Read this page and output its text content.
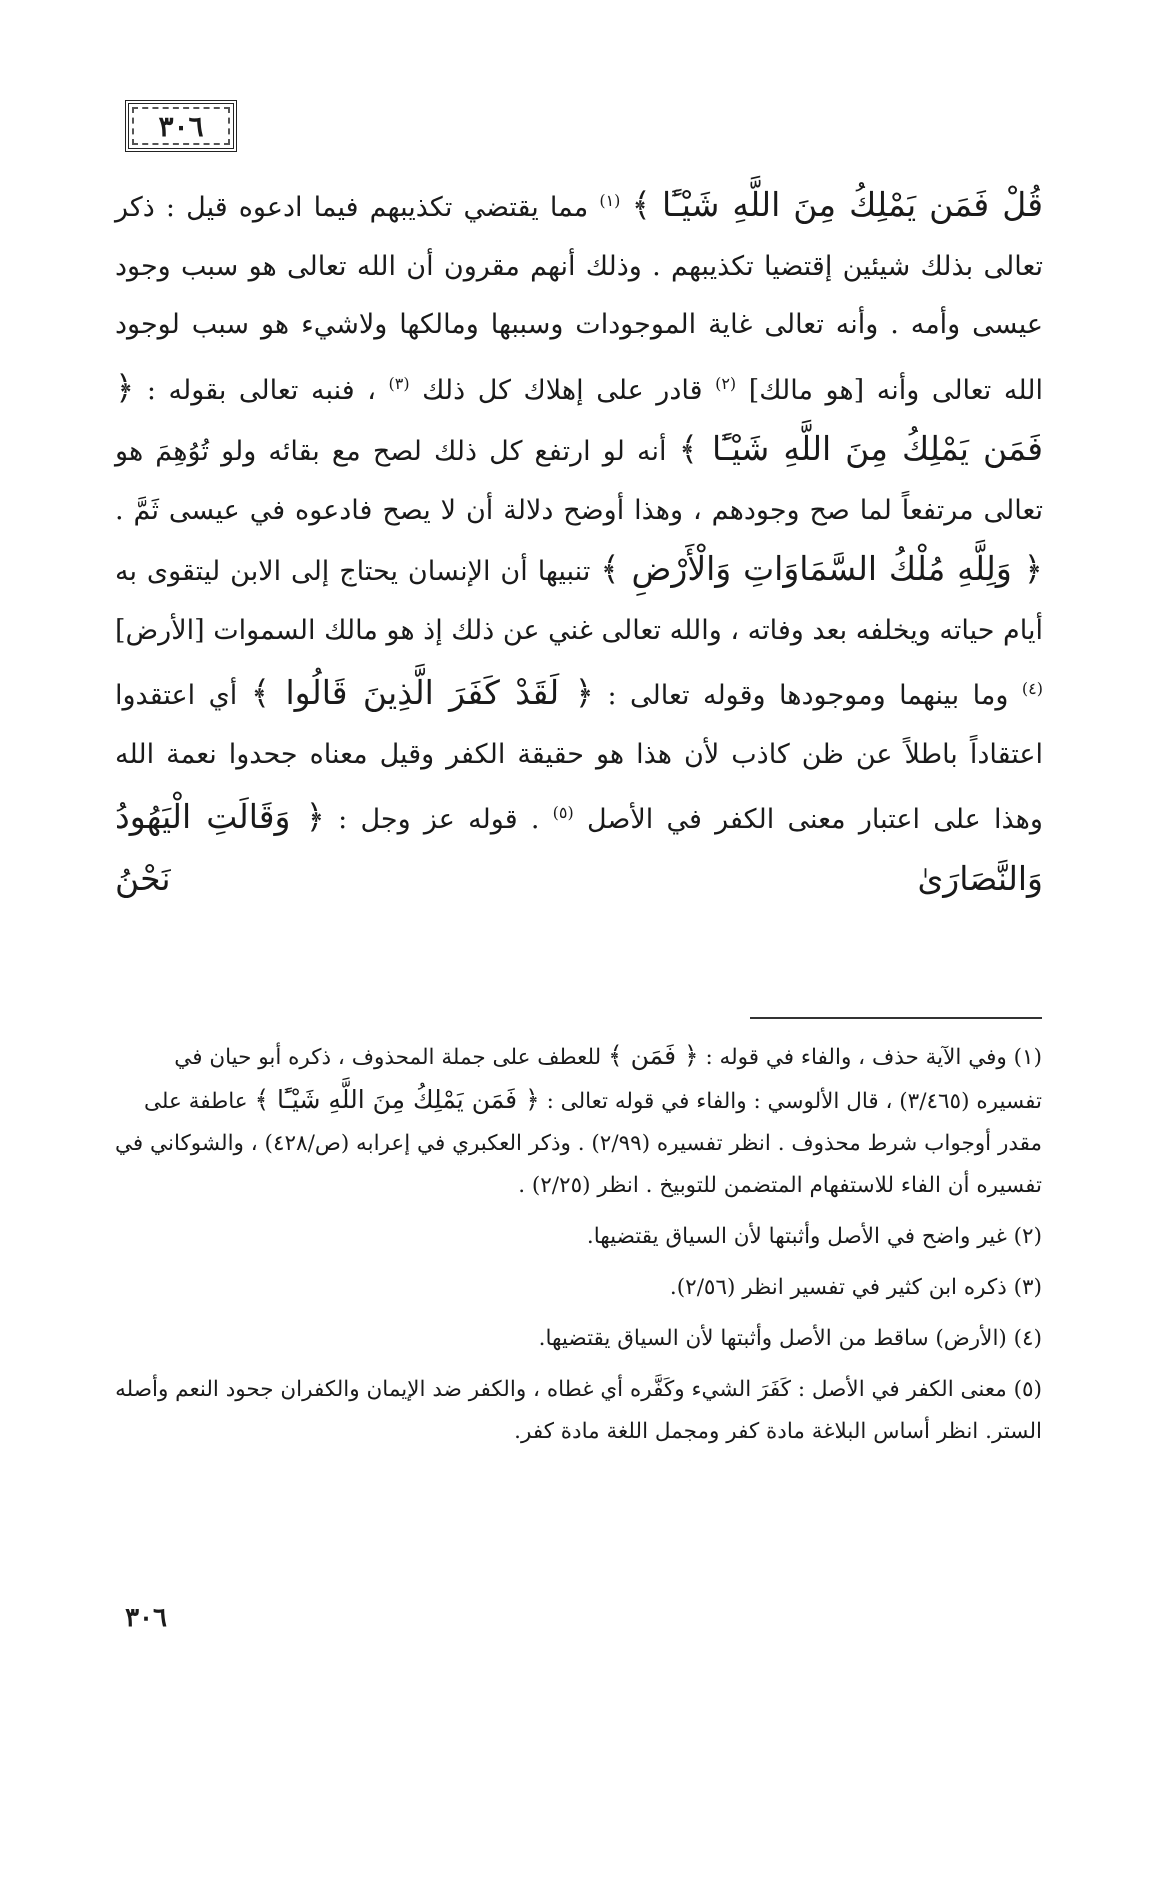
٣٠٦

قُلْ فَمَن يَمْلِكُ مِنَ اللَّهِ شَيْـًٔا ﴾ $^{(١)}$ مما يقتضي تكذيبهم فيما ادعوه قيل : ذكر تعالى بذلك شيئين إقتضيا تكذيبهم . وذلك أنهم مقرون أن الله تعالى هو سبب وجود عيسى وأمه . وأنه تعالى غاية الموجودات وسببها ومالكها ولاشيء هو سبب لوجود الله تعالى وأنه [هو مالك] $^{(٢)}$ قادر على إهلاك كل ذلك $^{(٣)}$ ، فنبه تعالى بقوله : ﴿ فَمَن يَمْلِكُ مِنَ اللَّهِ شَيْـًٔا ﴾ أنه لو ارتفع كل ذلك لصح مع بقائه ولو تُوُهِمَ هو تعالى مرتفعاً لما صح وجودهم ، وهذا أوضح دلالة أن لا يصح فادعوه في عيسى ثَمَّ . ﴿ وَلِلَّهِ مُلْكُ السَّمَاوَاتِ وَالْأَرْضِ ﴾ تنبيها أن الإنسان يحتاج إلى الابن ليتقوى به أيام حياته ويخلفه بعد وفاته ، والله تعالى غني عن ذلك إذ هو مالك السموات [الأرض] $^{(٤)}$ وما بينهما وموجودها وقوله تعالى : ﴿ لَقَدْ كَفَرَ الَّذِينَ قَالُوا ﴾ أي اعتقدوا اعتقاداً باطلاً عن ظن كاذب لأن هذا هو حقيقة الكفر وقيل معناه جحدوا نعمة الله وهذا على اعتبار معنى الكفر في الأصل $^{(٥)}$ . قوله عز وجل : ﴿ وَقَالَتِ الْيَهُودُ وَالنَّصَارَىٰ نَحْنُ

(١) وفي الآية حذف ، والفاء في قوله : ﴿ فَمَن ﴾ للعطف على جملة المحذوف ، ذكره أبو حيان في تفسيره (٣/٤٦٥) ، قال الألوسي : والفاء في قوله تعالى : ﴿ فَمَن يَمْلِكُ مِنَ اللَّهِ شَيْـًٔا ﴾ عاطفة على مقدر أوجواب شرط محذوف . انظر تفسيره (٢/٩٩) . وذكر العكبري في إعرابه (ص/٤٢٨) ، والشوكاني في تفسيره أن الفاء للاستفهام المتضمن للتوبيخ . انظر (٢/٢٥) .
(٢) غير واضح في الأصل وأثبتها لأن السياق يقتضيها.
(٣) ذكره ابن كثير في تفسير انظر (٢/٥٦).
(٤) (الأرض) ساقط من الأصل وأثبتها لأن السياق يقتضيها.
(٥) معنى الكفر في الأصل : كَفَرَ الشيء وكَفَّره أي غطاه ، والكفر ضد الإيمان والكفران جحود النعم وأصله الستر. انظر أساس البلاغة مادة كفر ومجمل اللغة مادة كفر.
٣٠٦
